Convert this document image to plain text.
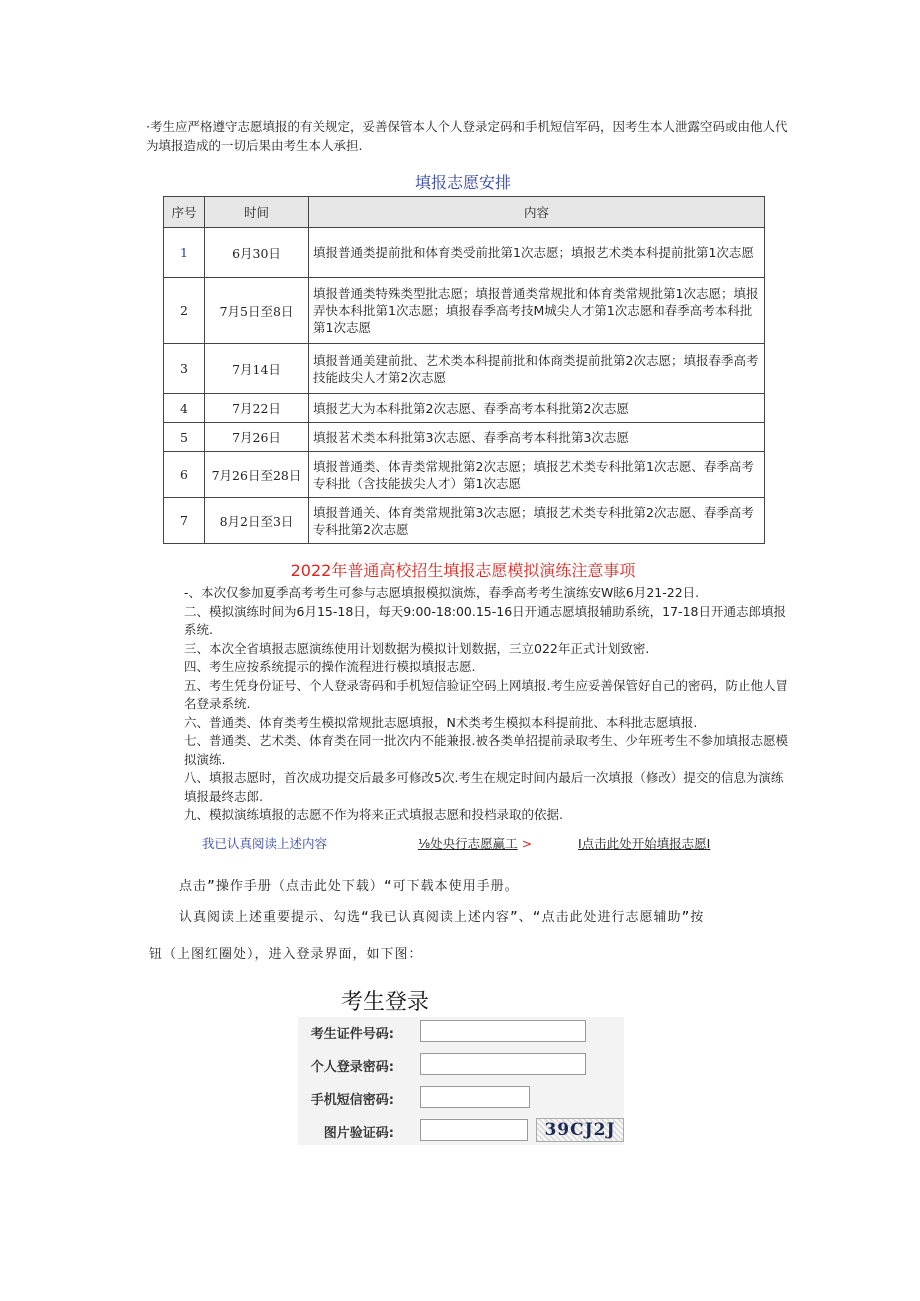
·考生应严格遵守志愿填报的有关规定，妥善保管本人个人登录定码和手机短信军码，因考生本人泄露空码或由他人代为填报造成的一切后果由考生本人承担.
填报志愿安排
序号	时间	内容
1	6月30日	填报普通类提前批和体育类受前批第1次志愿；填报艺术类本科提前批第1次志愿
2	7月5日至8日	填报普通类特殊类型批志愿；填报普通类常规批和体育类常规批第1次志愿；填报弄快本科批第1次志愿；填报春季高考技M城尖人才第1次志愿和春季高考本科批第1次志愿
3	7月14日	填报普通美建前批、艺术类本科提前批和体商类提前批第2次志愿；填报春季高考技能歧尖人才第2次志愿
4	7月22日	填报艺大为本科批第2次志愿、春季高考本科批第2次志愿
5	7月26日	填报茗术类本科批第3次志愿、春季高考本科批第3次志愿
6	7月26日至28日	填报普通类、体青类常规批第2次志愿；填报艺术类专科批第1次志愿、春季高考专科批（含技能拔尖人才）第1次志愿
7	8月2日至3日	填报普通关、体育类常规批第3次志愿；填报艺术类专科批第2次志愿、春季高考专科批第2次志愿
2022年普通高校招生填报志愿模拟演练注意事项
-、本次仅参加夏季高考考生可参与志愿填报模拟演炼，春季高考考生演练安W眩6月21-22日.
二、模拟演练时间为6月15-18日，每天9:00-18:00.15-16日开通志愿填报辅助系统，17-18日开通志郎填报系统.
三、本次全省填报志愿演练使用计划数据为模拟计划数据，三立022年正式计划致密.
四、考生应按系统提示的操作流程进行模拟填报志愿.
五、考生凭身份证号、个人登录寄码和手机短信验证空码上网填报.考生应妥善保管好自己的密码，防止他人冒名登录系统.
六、普通类、体育类考生模拟常规批志愿填报，N术类考生模拟本科提前批、本科批志愿填报.
七、普通类、艺术类、体育类在同一批次内不能兼报.被各类单招提前录取考生、少年班考生不参加填报志愿模拟演练.
八、填报志愿时，首次成功提交后最多可修改5次.考生在规定时间内最后一次填报（修改）提交的信息为演练填报最终志郎.
九、模拟演练填报的志愿不作为将来正式填报志愿和投档录取的依据.
我已认真阅读上述内容	⅛处央行志愿赢工 >	I点击此处开始填报志愿I
点击”操作手册（点击此处下载）“可下载本使用手册。
认真阅读上述重要提示、勾选“我已认真阅读上述内容”、“点击此处进行志愿辅助”按
钮（上图红圈处），进入登录界面，如下图：
考生登录
考生证件号码:
个人登录密码:
手机短信密码:
图片验证码:	39CJ2J
